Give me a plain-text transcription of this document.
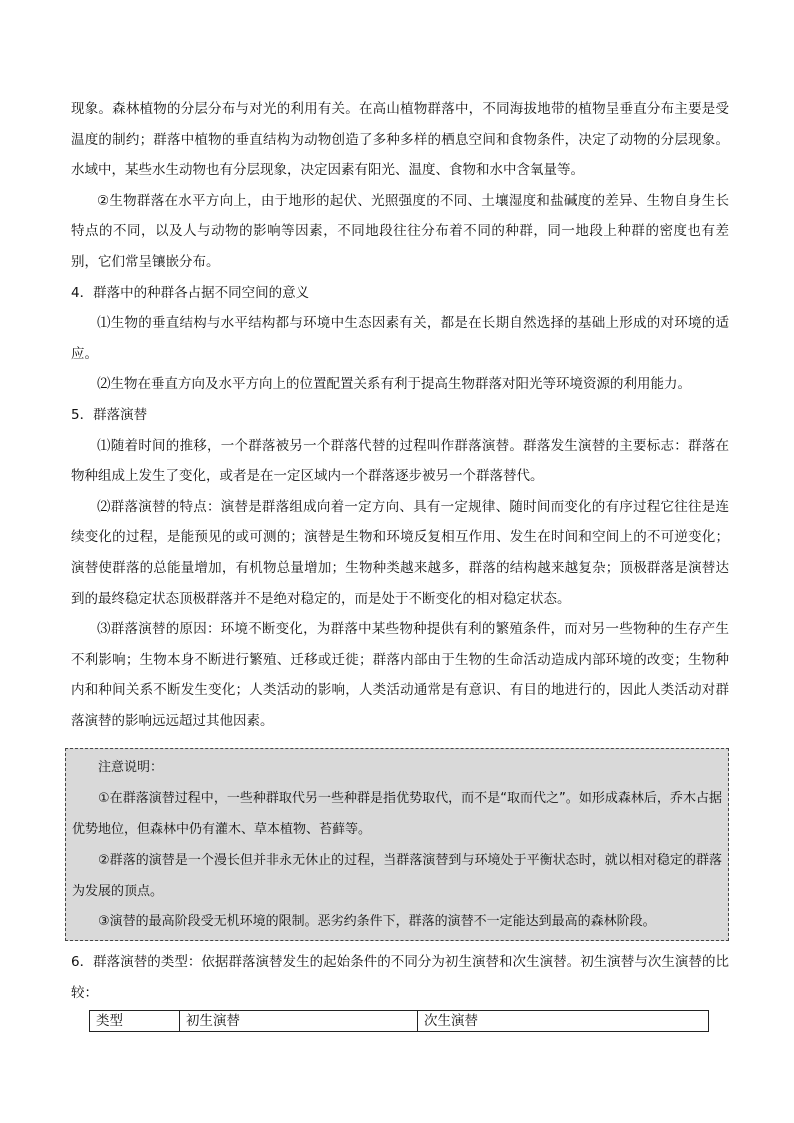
现象。森林植物的分层分布与对光的利用有关。在高山植物群落中，不同海拔地带的植物呈垂直分布主要是受温度的制约；群落中植物的垂直结构为动物创造了多种多样的栖息空间和食物条件，决定了动物的分层现象。水域中，某些水生动物也有分层现象，决定因素有阳光、温度、食物和水中含氧量等。

②生物群落在水平方向上，由于地形的起伏、光照强度的不同、土壤湿度和盐碱度的差异、生物自身生长特点的不同，以及人与动物的影响等因素，不同地段往往分布着不同的种群，同一地段上种群的密度也有差别，它们常呈镶嵌分布。

4．群落中的种群各占据不同空间的意义

⑴生物的垂直结构与水平结构都与环境中生态因素有关，都是在长期自然选择的基础上形成的对环境的适应。

⑵生物在垂直方向及水平方向上的位置配置关系有利于提高生物群落对阳光等环境资源的利用能力。

5．群落演替

⑴随着时间的推移，一个群落被另一个群落代替的过程叫作群落演替。群落发生演替的主要标志：群落在物种组成上发生了变化，或者是在一定区域内一个群落逐步被另一个群落替代。

⑵群落演替的特点：演替是群落组成向着一定方向、具有一定规律、随时间而变化的有序过程它往往是连续变化的过程，是能预见的或可测的；演替是生物和环境反复相互作用、发生在时间和空间上的不可逆变化；演替使群落的总能量增加，有机物总量增加；生物种类越来越多，群落的结构越来越复杂；顶极群落是演替达到的最终稳定状态顶极群落并不是绝对稳定的，而是处于不断变化的相对稳定状态。

⑶群落演替的原因：环境不断变化，为群落中某些物种提供有利的繁殖条件，而对另一些物种的生存产生不利影响；生物本身不断进行繁殖、迁移或迁徙；群落内部由于生物的生命活动造成内部环境的改变；生物种内和种间关系不断发生变化；人类活动的影响，人类活动通常是有意识、有目的地进行的，因此人类活动对群落演替的影响远远超过其他因素。

注意说明：

①在群落演替过程中，一些种群取代另一些种群是指优势取代，而不是“取而代之”。如形成森林后，乔木占据优势地位，但森林中仍有灌木、草本植物、苔藓等。

②群落的演替是一个漫长但并非永无休止的过程，当群落演替到与环境处于平衡状态时，就以相对稳定的群落为发展的顶点。

③演替的最高阶段受无机环境的限制。恶劣约条件下，群落的演替不一定能达到最高的森林阶段。

6．群落演替的类型：依据群落演替发生的起始条件的不同分为初生演替和次生演替。初生演替与次生演替的比较：

类型	初生演替	次生演替
